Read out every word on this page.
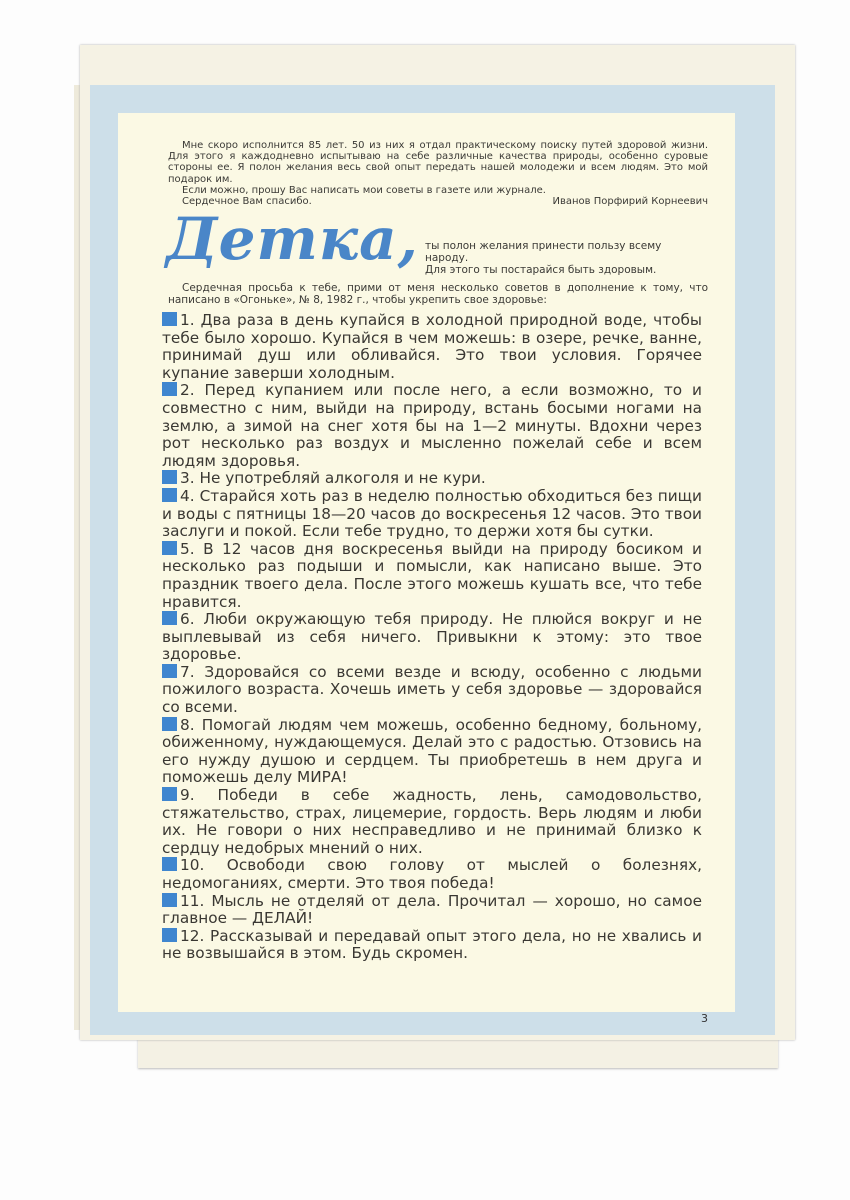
Мне скоро исполнится 85 лет. 50 из них я отдал практическому поиску путей здоровой жизни. Для этого я каждодневно испытываю на себе различные качества природы, особенно суровые стороны ее. Я полон желания весь свой опыт передать нашей молодежи и всем людям. Это мой подарок им.

Если можно, прошу Вас написать мои советы в газете или журнале.

Сердечное Вам спасибо.	Иванов Порфирий Корнеевич
Детка, ты полон желания принести пользу всему народу.
Для этого ты постарайся быть здоровым.
Сердечная просьба к тебе, прими от меня несколько советов в дополнение к тому, что написано в «Огоньке», № 8, 1982 г., чтобы укрепить свое здоровье:

1. Два раза в день купайся в холодной природной воде, чтобы тебе было хорошо. Купайся в чем можешь: в озере, речке, ванне, принимай душ или обливайся. Это твои условия. Горячее купание заверши холодным.

2. Перед купанием или после него, а если возможно, то и совместно с ним, выйди на природу, встань босыми ногами на землю, а зимой на снег хотя бы на 1—2 минуты. Вдохни через рот несколько раз воздух и мысленно пожелай себе и всем людям здоровья.

3. Не употребляй алкоголя и не кури.

4. Старайся хоть раз в неделю полностью обходиться без пищи и воды с пятницы 18—20 часов до воскресенья 12 часов. Это твои заслуги и покой. Если тебе трудно, то держи хотя бы сутки.

5. В 12 часов дня воскресенья выйди на природу босиком и несколько раз подыши и помысли, как написано выше. Это праздник твоего дела. После этого можешь кушать все, что тебе нравится.

6. Люби окружающую тебя природу. Не плюйся вокруг и не выплевывай из себя ничего. Привыкни к этому: это твое здоровье.

7. Здоровайся со всеми везде и всюду, особенно с людьми пожилого возраста. Хочешь иметь у себя здоровье — здоровайся со всеми.

8. Помогай людям чем можешь, особенно бедному, больному, обиженному, нуждающемуся. Делай это с радостью. Отзовись на его нужду душою и сердцем. Ты приобретешь в нем друга и поможешь делу МИРА!

9. Победи в себе жадность, лень, самодовольство, стяжательство, страх, лицемерие, гордость. Верь людям и люби их. Не говори о них несправедливо и не принимай близко к сердцу недобрых мнений о них.

10. Освободи свою голову от мыслей о болезнях, недомоганиях, смерти. Это твоя победа!

11. Мысль не отделяй от дела. Прочитал — хорошо, но самое главное — ДЕЛАЙ!

12. Рассказывай и передавай опыт этого дела, но не хвались и не возвышайся в этом. Будь скромен.

3
